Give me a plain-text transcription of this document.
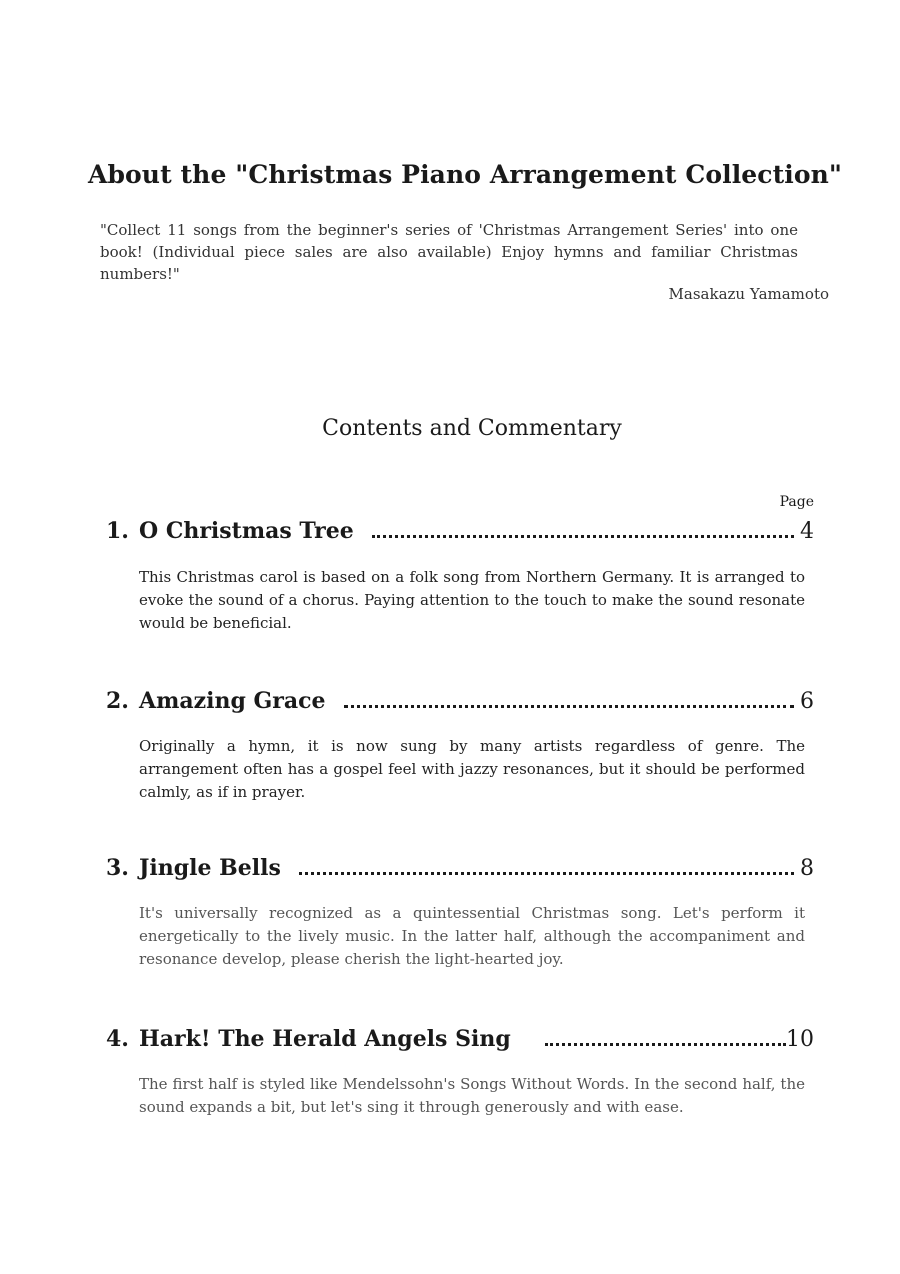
About the "Christmas Piano Arrangement Collection"

"Collect 11 songs from the beginner's series of 'Christmas Arrangement Series' into one book! (Individual piece sales are also available) Enjoy hymns and familiar Christmas numbers!"

Masakazu Yamamoto

Contents and Commentary

Page

1. O Christmas Tree	4

This Christmas carol is based on a folk song from Northern Germany. It is arranged to evoke the sound of a chorus. Paying attention to the touch to make the sound resonate would be beneficial.

2. Amazing Grace	6

Originally a hymn, it is now sung by many artists regardless of genre. The arrangement often has a gospel feel with jazzy resonances, but it should be performed calmly, as if in prayer.

3. Jingle Bells	8

It's universally recognized as a quintessential Christmas song. Let's perform it energetically to the lively music. In the latter half, although the accompaniment and resonance develop, please cherish the light-hearted joy.

4. Hark! The Herald Angels Sing	10

The first half is styled like Mendelssohn's Songs Without Words. In the second half, the sound expands a bit, but let's sing it through generously and with ease.
